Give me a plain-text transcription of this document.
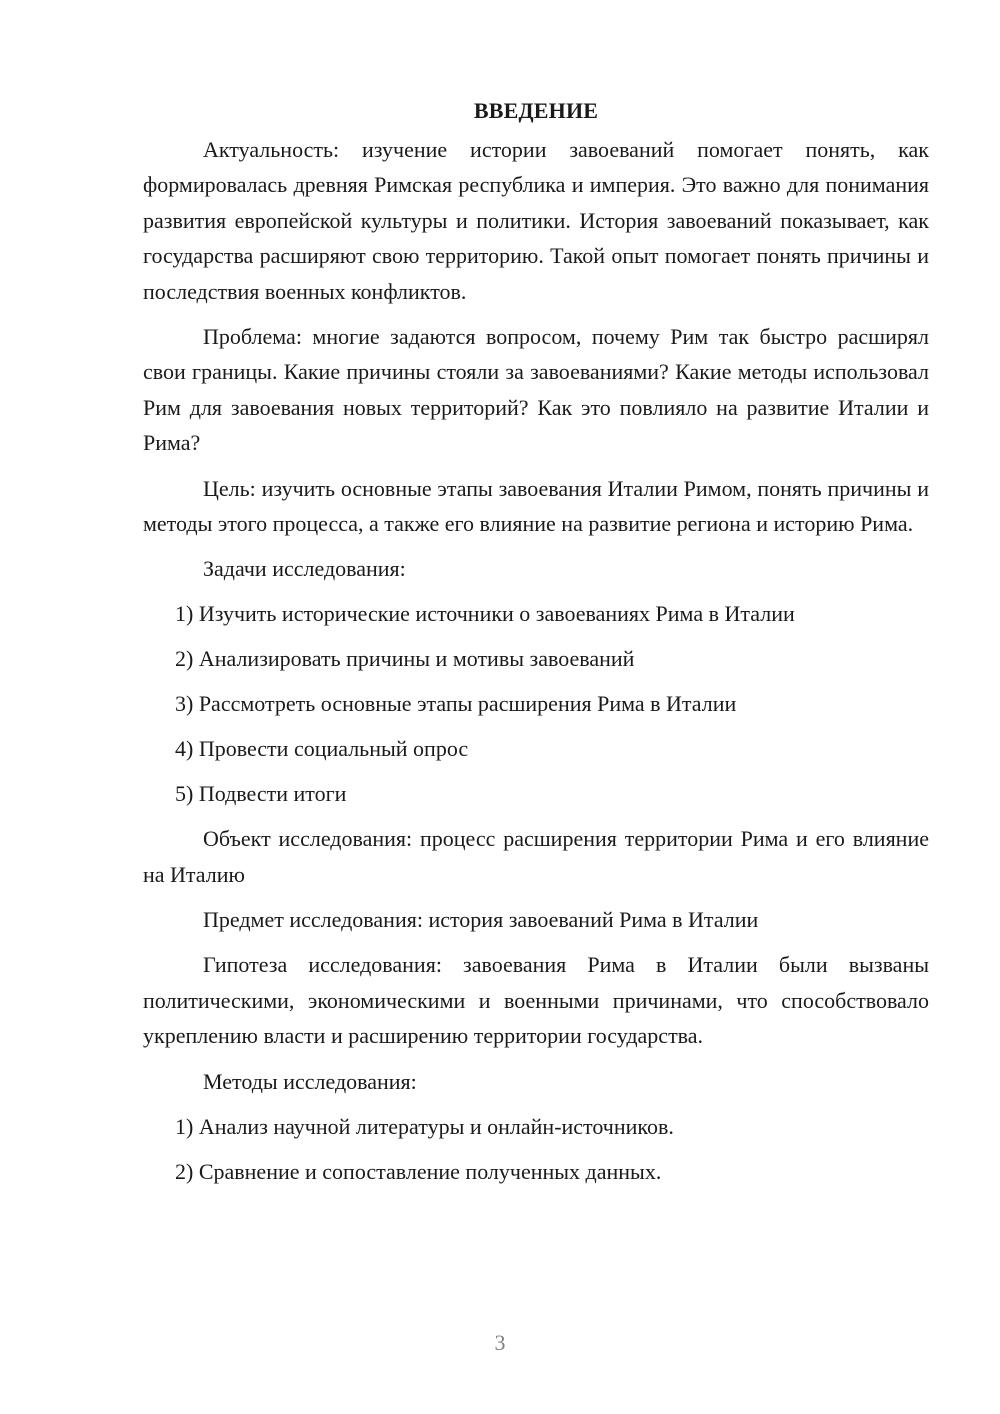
ВВЕДЕНИЕ

Актуальность: изучение истории завоеваний помогает понять, как формировалась древняя Римская республика и империя. Это важно для понимания развития европейской культуры и политики. История завоеваний показывает, как государства расширяют свою территорию. Такой опыт помогает понять причины и последствия военных конфликтов.

Проблема: многие задаются вопросом, почему Рим так быстро расширял свои границы. Какие причины стояли за завоеваниями? Какие методы использовал Рим для завоевания новых территорий? Как это повлияло на развитие Италии и Рима?

Цель: изучить основные этапы завоевания Италии Римом, понять причины и методы этого процесса, а также его влияние на развитие региона и историю Рима.

Задачи исследования:
1) Изучить исторические источники о завоеваниях Рима в Италии
2) Анализировать причины и мотивы завоеваний
3) Рассмотреть основные этапы расширения Рима в Италии
4) Провести социальный опрос
5) Подвести итоги

Объект исследования: процесс расширения территории Рима и его влияние на Италию

Предмет исследования: история завоеваний Рима в Италии

Гипотеза исследования: завоевания Рима в Италии были вызваны политическими, экономическими и военными причинами, что способствовало укреплению власти и расширению территории государства.

Методы исследования:
1) Анализ научной литературы и онлайн-источников.
2) Сравнение и сопоставление полученных данных.
3
